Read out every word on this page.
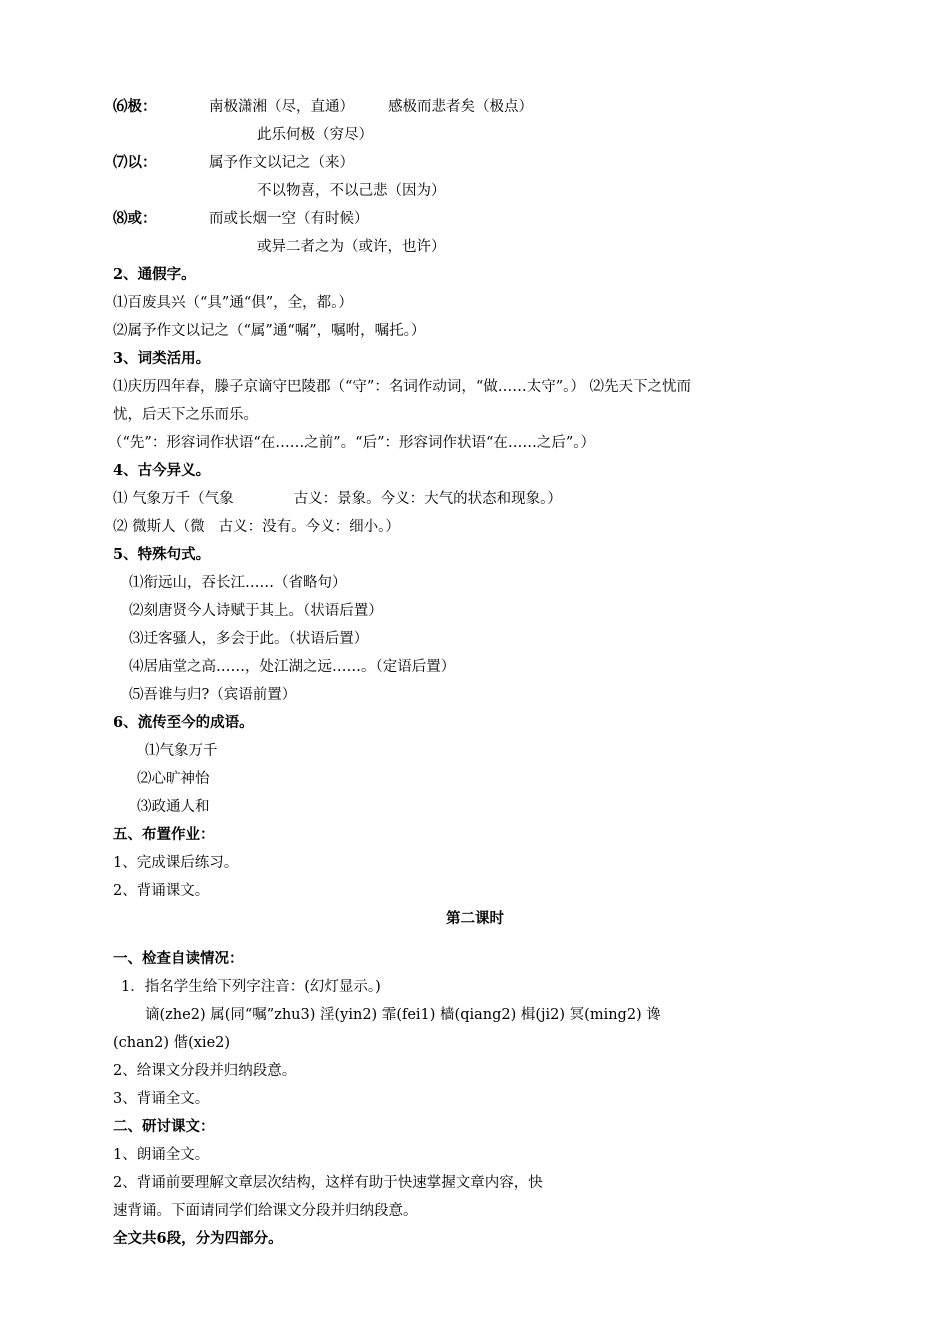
⑹极：	南极潇湘（尽，直通） 感极而悲者矣（极点）
此乐何极（穷尽）
⑺以：	属予作文以记之（来）
不以物喜，不以己悲（因为）
⑻或：	而或长烟一空（有时候）
或异二者之为（或许，也许）
2、通假字。
⑴百废具兴（“具”通“俱”，全，都。）
⑵属予作文以记之（“属”通“嘱”，嘱咐，嘱托。）
3、词类活用。
⑴庆历四年春，滕子京谪守巴陵郡（“守”：名词作动词，“做……太守”。） ⑵先天下之忧而
忧，后天下之乐而乐。
（“先”：形容词作状语“在……之前”。“后”：形容词作状语“在……之后”。）
4、古今异义。
⑴ 气象万千（气象	古义：景象。今义：大气的状态和现象。）
⑵ 微斯人（微 古义：没有。今义：细小。）
5、特殊句式。
⑴衔远山，吞长江……（省略句）
⑵刻唐贤今人诗赋于其上。（状语后置）
⑶迁客骚人，多会于此。（状语后置）
⑷居庙堂之高……，处江湖之远……。（定语后置）
⑸吾谁与归?（宾语前置）
6、流传至今的成语。
⑴气象万千
⑵心旷神怡
⑶政通人和
五、布置作业：
1、完成课后练习。
2、背诵课文。
第二课时
一、检查自读情况：
1．指名学生给下列字注音：(幻灯显示。)
谪(zhe2) 属(同“嘱”zhu3) 淫(yin2) 霏(fei1) 樯(qiang2) 楫(ji2) 冥(ming2) 谗
(chan2) 偕(xie2)
2、给课文分段并归纳段意。
3、背诵全文。
二、研讨课文：
1、朗诵全文。
2、背诵前要理解文章层次结构，这样有助于快速掌握文章内容，快
速背诵。下面请同学们给课文分段并归纳段意。
全文共6段，分为四部分。
